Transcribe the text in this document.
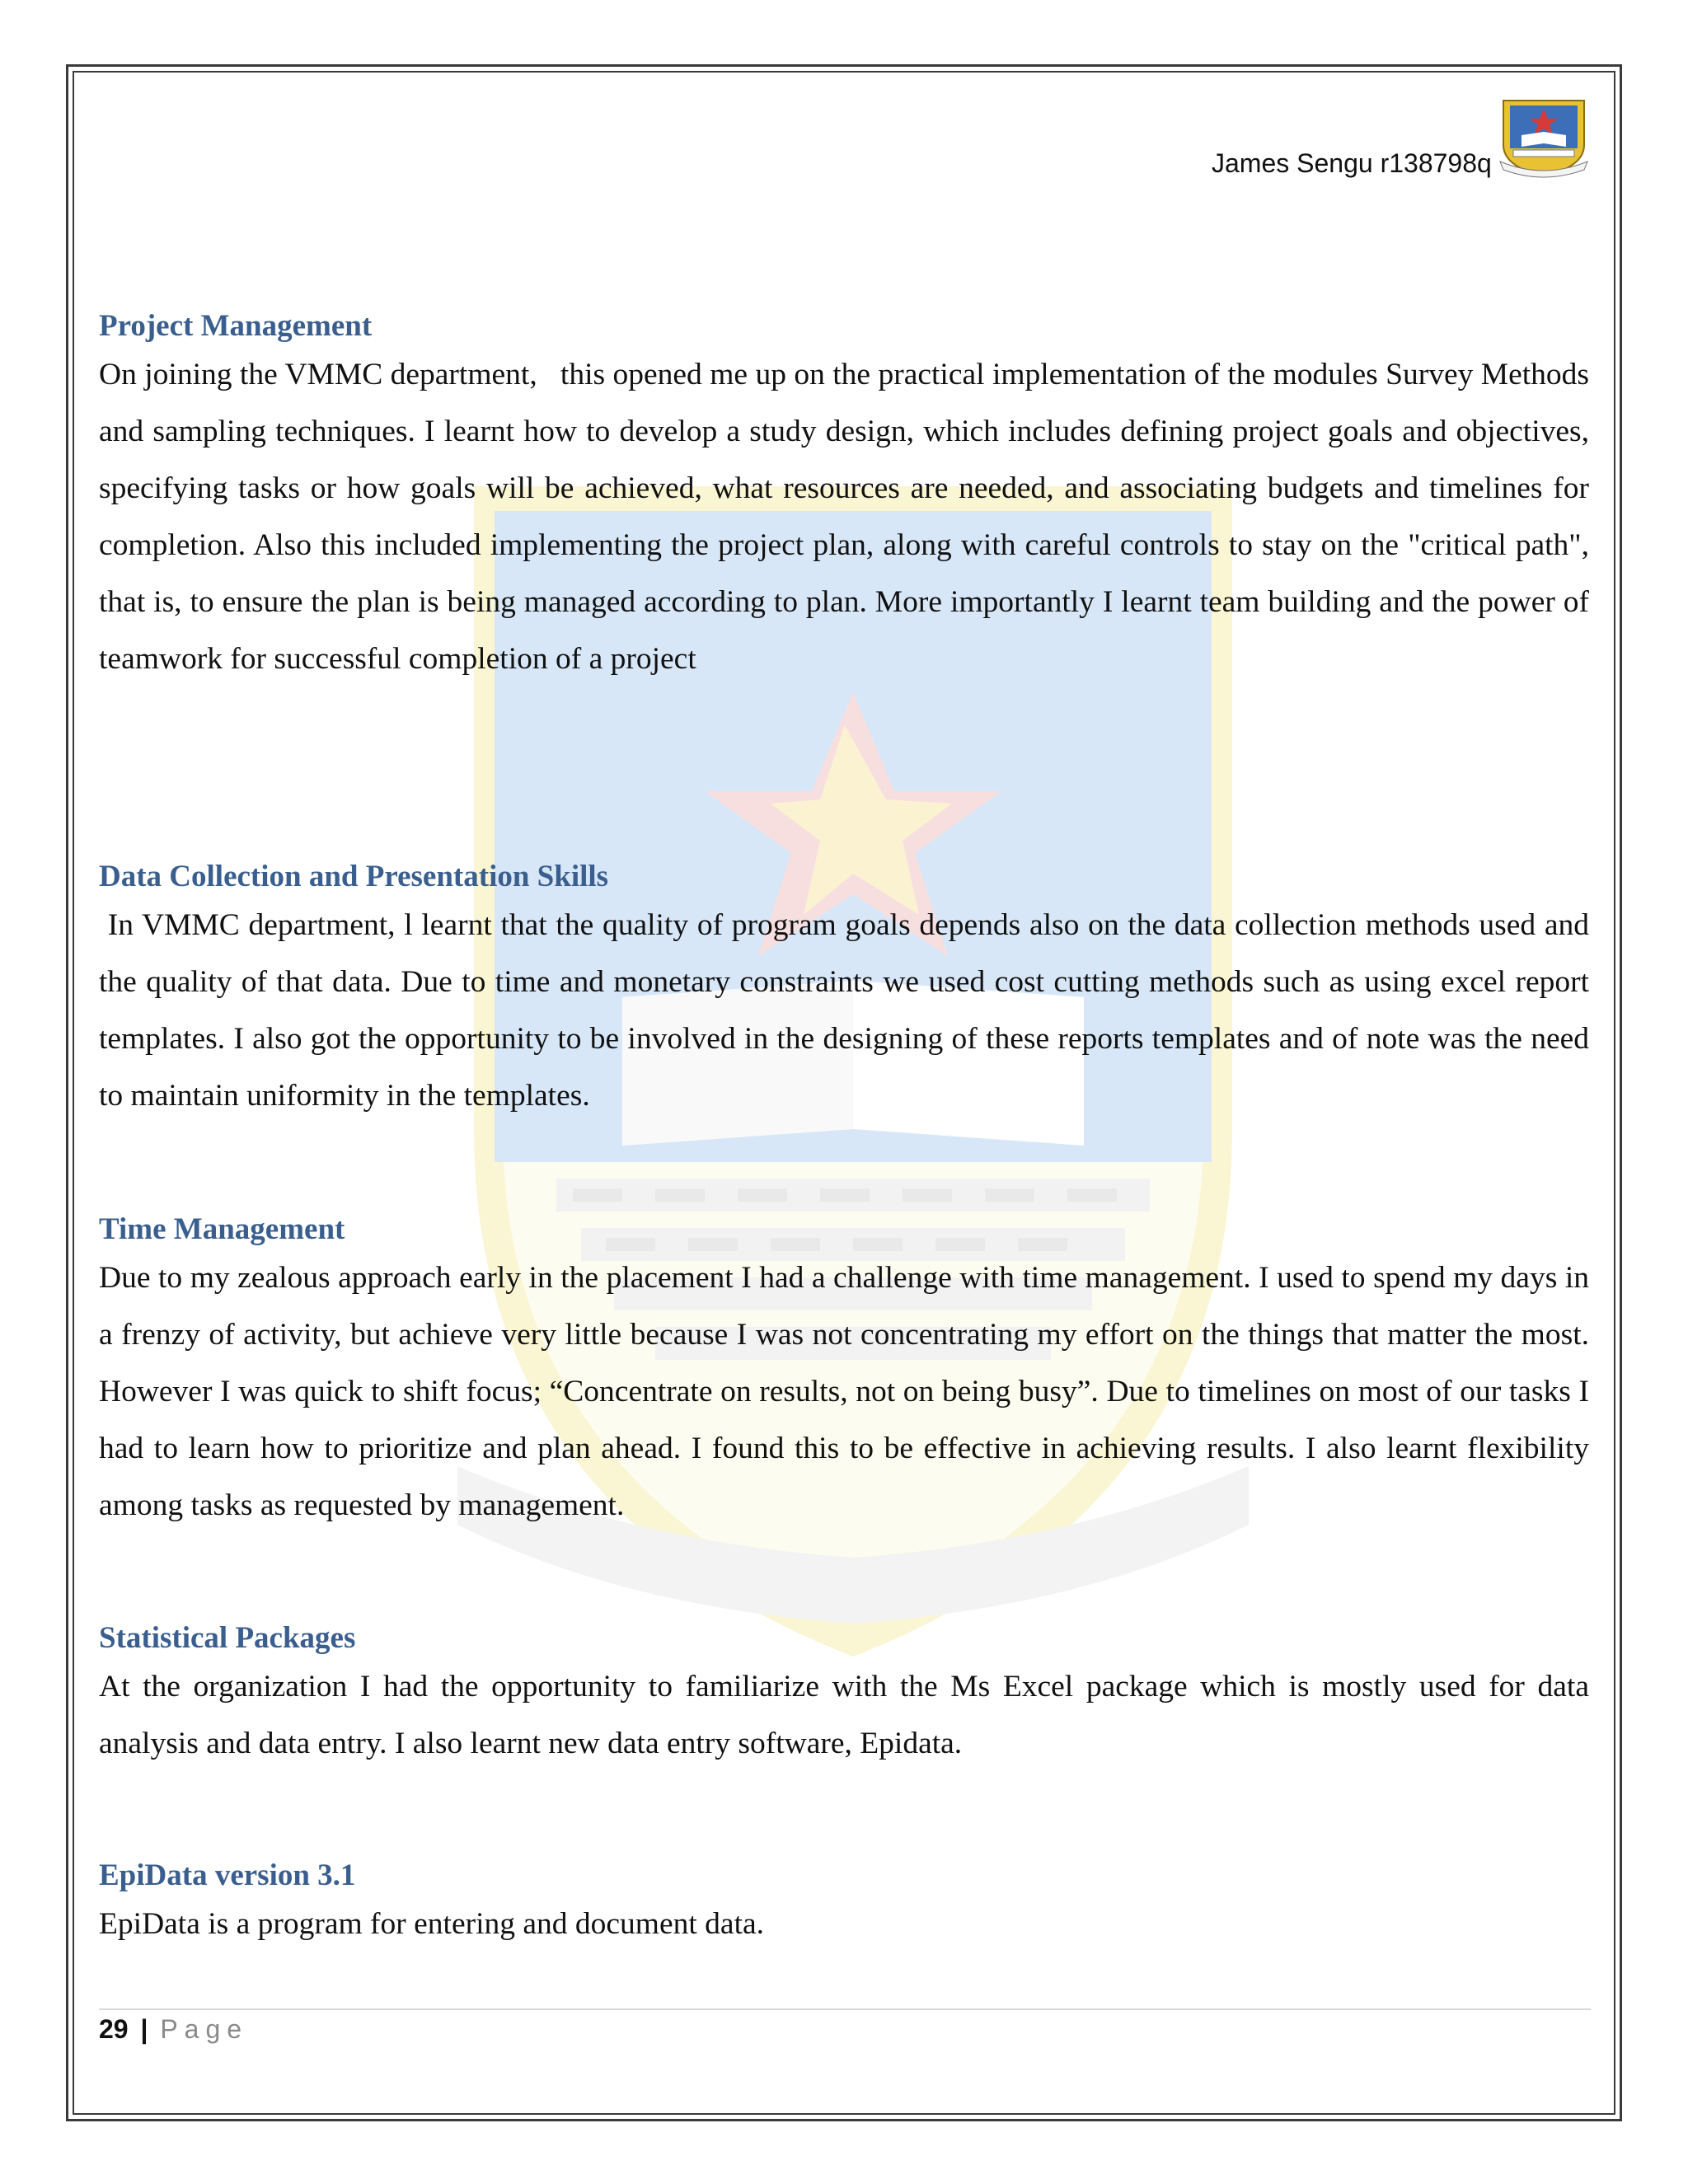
James Sengu r138798q
Project Management

On joining the VMMC department,   this opened me up on the practical implementation of the modules Survey Methods and sampling techniques. I learnt how to develop a study design, which includes defining project goals and objectives, specifying tasks or how goals will be achieved, what resources are needed, and associating budgets and timelines for completion. Also this included implementing the project plan, along with careful controls to stay on the "critical path", that is, to ensure the plan is being managed according to plan. More importantly I learnt team building and the power of teamwork for successful completion of a project

Data Collection and Presentation Skills

In VMMC department, l learnt that the quality of program goals depends also on the data collection methods used and the quality of that data. Due to time and monetary constraints we used cost cutting methods such as using excel report templates. I also got the opportunity to be involved in the designing of these reports templates and of note was the need to maintain uniformity in the templates.

Time Management

Due to my zealous approach early in the placement I had a challenge with time management. I used to spend my days in a frenzy of activity, but achieve very little because I was not concentrating my effort on the things that matter the most. However I was quick to shift focus; “Concentrate on results, not on being busy”. Due to timelines on most of our tasks I had to learn how to prioritize and plan ahead. I found this to be effective in achieving results. I also learnt flexibility among tasks as requested by management.

Statistical Packages

At the organization I had the opportunity to familiarize with the Ms Excel package which is mostly used for data analysis and data entry. I also learnt new data entry software, Epidata.

EpiData version 3.1

EpiData is a program for entering and document data.

29 | Page
